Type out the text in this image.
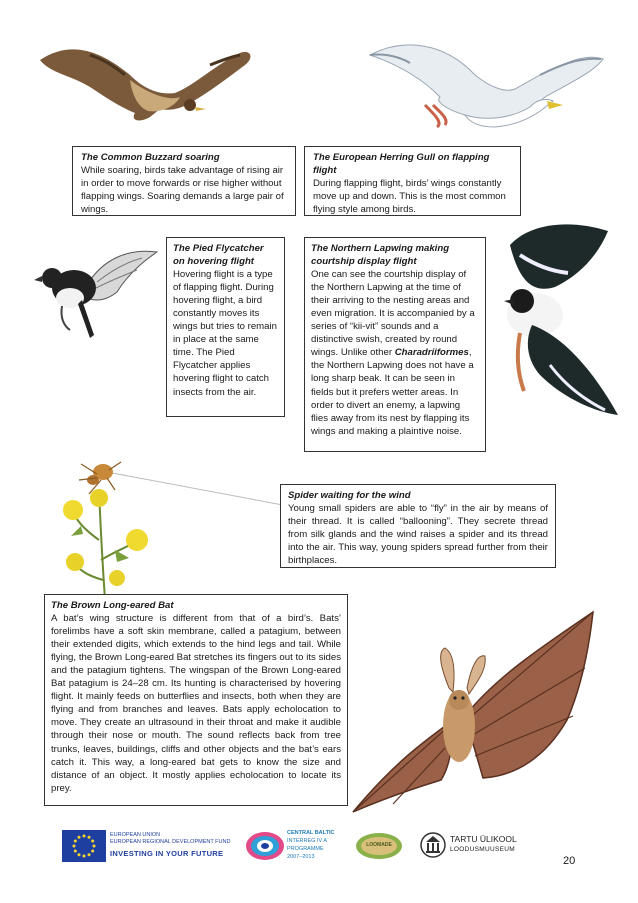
The Common Buzzard soaring

While soaring, birds take advantage of rising air in order to move forwards or rise higher without flapping wings. Soaring demands a large pair of wings.

The European Herring Gull on flapping flight

During flapping flight, birds’ wings constantly move up and down. This is the most common flying style among birds.

The Pied Flycatcher on hovering flight

Hovering flight is a type of flapping flight. During hovering flight, a bird constantly moves its wings but tries to remain in place at the same time. The Pied Flycatcher applies hovering flight to catch insects from the air.

The Northern Lapwing making courtship display flight

One can see the courtship display of the Northern Lapwing at the time of their arriving to the nesting areas and even migration. It is accompanied by a series of “kii-vit” sounds and a distinctive swish, created by round wings. Unlike other Charadriiformes, the Northern Lapwing does not have a long sharp beak. It can be seen in fields but it prefers wetter areas. In order to divert an enemy, a lapwing flies away from its nest by flapping its wings and making a plaintive noise.

Spider waiting for the wind

Young small spiders are able to “fly” in the air by means of their thread. It is called “ballooning”. They secrete thread from silk glands and the wind raises a spider and its thread into the air. This way, young spiders spread further from their birthplaces.

The Brown Long-eared Bat

A bat’s wing structure is different from that of a bird’s. Bats’ forelimbs have a soft skin membrane, called a patagium, between their extended digits, which extends to the hind legs and tail. While flying, the Brown Long-eared Bat stretches its fingers out to its sides and the patagium tightens. The wingspan of the Brown Long-eared Bat patagium is 24–28 cm. Its hunting is characterised by hovering flight. It mainly feeds on butterflies and insects, both when they are flying and from branches and leaves. Bats apply echolocation to move. They create an ultrasound in their throat and make it audible through their nose or mouth. The sound reflects back from tree trunks, leaves, buildings, cliffs and other objects and the bat’s ears catch it. This way, a long-eared bat gets to know the size and distance of an object. It mostly applies echolocation to locate its prey.

EUROPEAN UNION
EUROPEAN REGIONAL DEVELOPMENT FUND
INVESTING IN YOUR FUTURE
CENTRAL BALTIC
INTERREG IV A
PROGRAMME
2007–2013
LOOMADE
TARTU ÜLIKOOL
LOODUSMUUSEUM
20
